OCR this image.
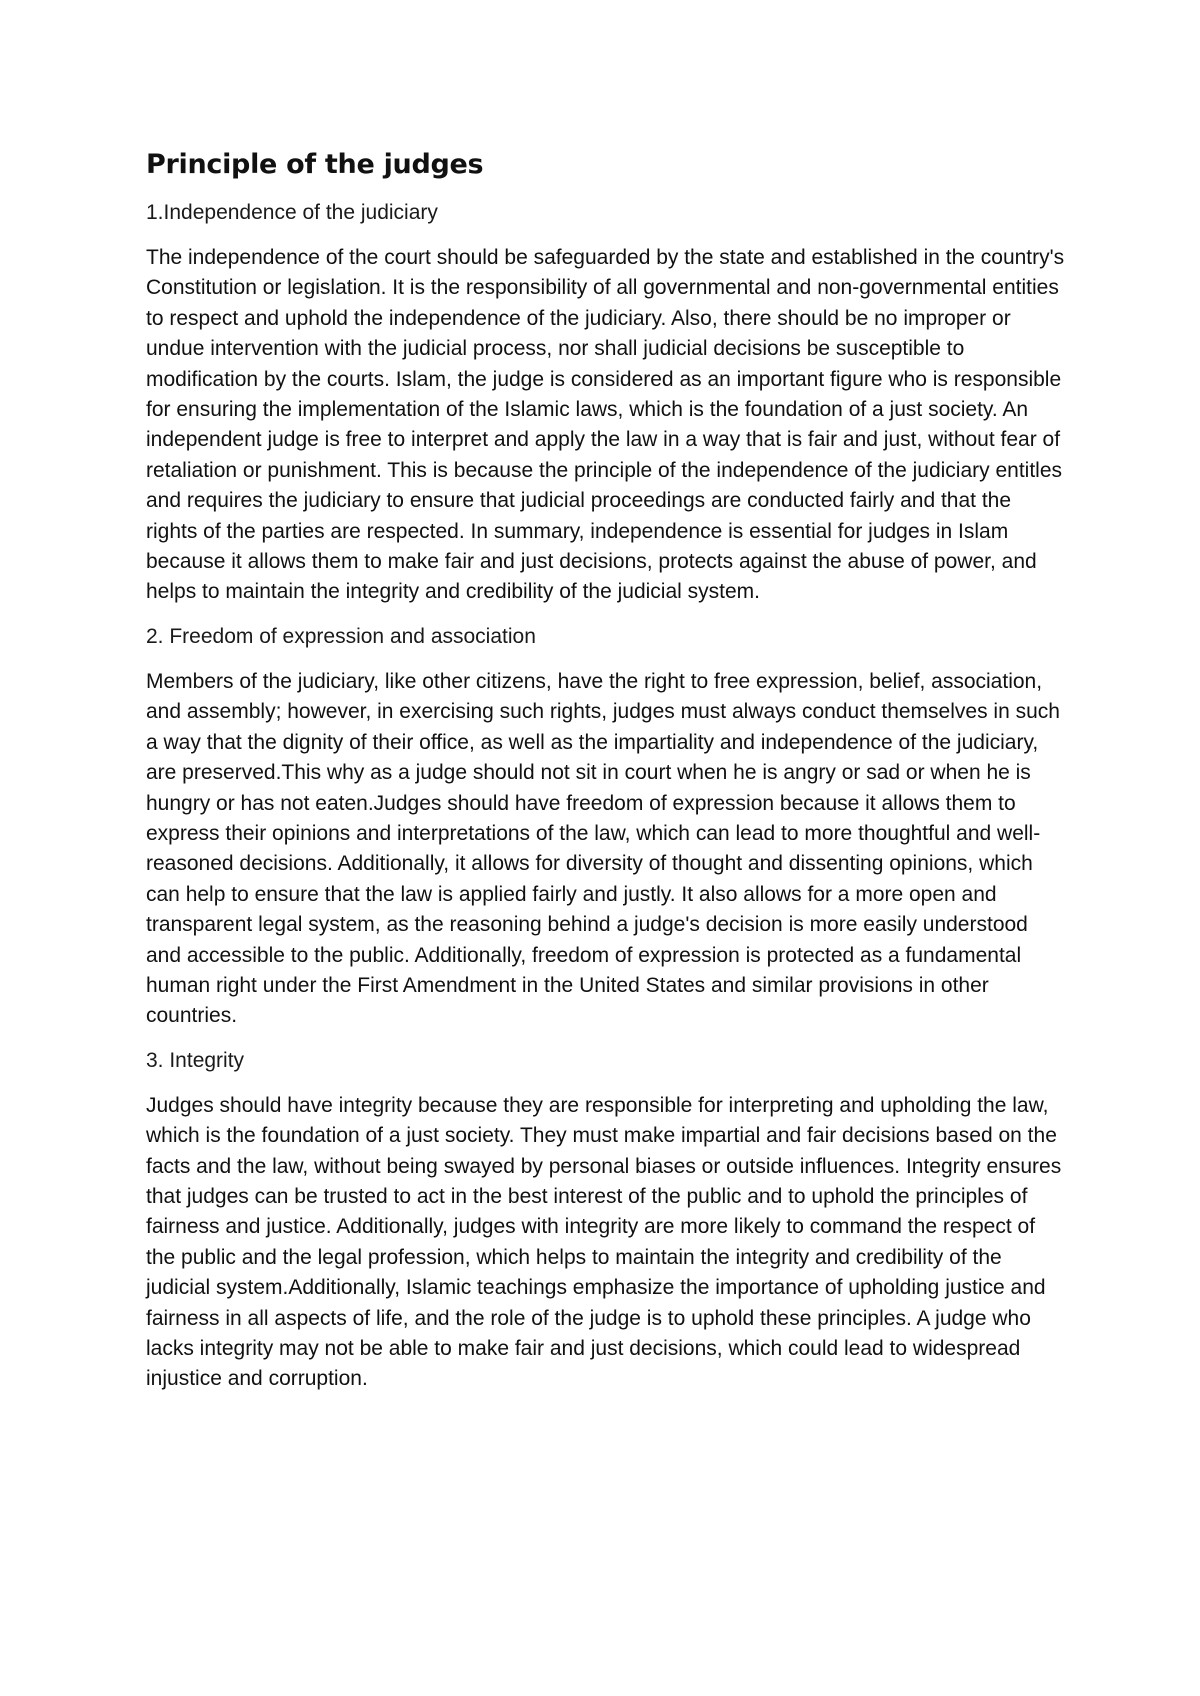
Principle of the judges
1.Independence of the judiciary

The independence of the court should be safeguarded by the state and established in the country's Constitution or legislation. It is the responsibility of all governmental and non-governmental entities to respect and uphold the independence of the judiciary. Also, there should be no improper or undue intervention with the judicial process, nor shall judicial decisions be susceptible to modification by the courts. Islam, the judge is considered as an important figure who is responsible for ensuring the implementation of the Islamic laws, which is the foundation of a just society. An independent judge is free to interpret and apply the law in a way that is fair and just, without fear of retaliation or punishment. This is because the principle of the independence of the judiciary entitles and requires the judiciary to ensure that judicial proceedings are conducted fairly and that the rights of the parties are respected. In summary, independence is essential for judges in Islam because it allows them to make fair and just decisions, protects against the abuse of power, and helps to maintain the integrity and credibility of the judicial system.

2. Freedom of expression and association

Members of the judiciary, like other citizens, have the right to free expression, belief, association, and assembly; however, in exercising such rights, judges must always conduct themselves in such a way that the dignity of their office, as well as the impartiality and independence of the judiciary, are preserved.This why as a judge should not sit in court when he is angry or sad or when he is hungry or has not eaten.Judges should have freedom of expression because it allows them to express their opinions and interpretations of the law, which can lead to more thoughtful and well-reasoned decisions. Additionally, it allows for diversity of thought and dissenting opinions, which can help to ensure that the law is applied fairly and justly. It also allows for a more open and transparent legal system, as the reasoning behind a judge's decision is more easily understood and accessible to the public. Additionally, freedom of expression is protected as a fundamental human right under the First Amendment in the United States and similar provisions in other countries.

3. Integrity

Judges should have integrity because they are responsible for interpreting and upholding the law, which is the foundation of a just society. They must make impartial and fair decisions based on the facts and the law, without being swayed by personal biases or outside influences. Integrity ensures that judges can be trusted to act in the best interest of the public and to uphold the principles of fairness and justice. Additionally, judges with integrity are more likely to command the respect of the public and the legal profession, which helps to maintain the integrity and credibility of the judicial system.Additionally, Islamic teachings emphasize the importance of upholding justice and fairness in all aspects of life, and the role of the judge is to uphold these principles. A judge who lacks integrity may not be able to make fair and just decisions, which could lead to widespread injustice and corruption.
